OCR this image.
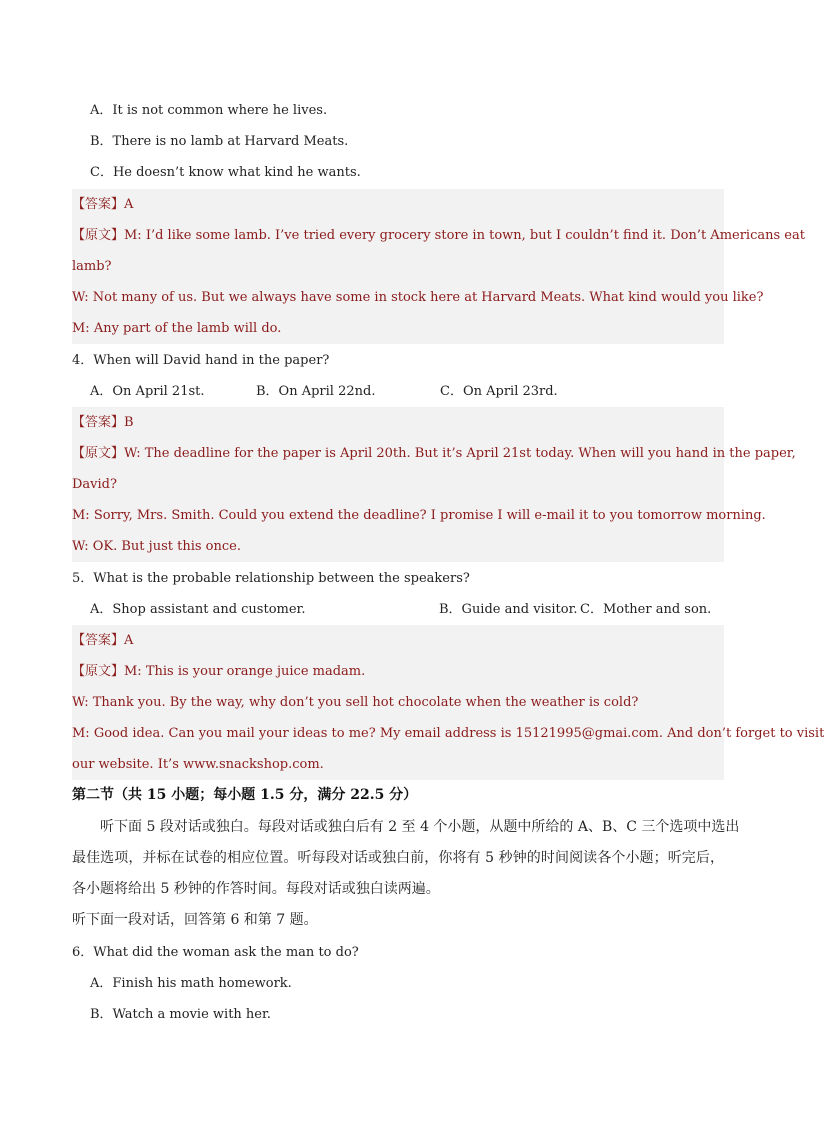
A．It is not common where he lives.
B．There is no lamb at Harvard Meats.
C．He doesn’t know what kind he wants.
【答案】A
【原文】M: I’d like some lamb. I’ve tried every grocery store in town, but I couldn’t find it. Don’t Americans eat
lamb?
W: Not many of us. But we always have some in stock here at Harvard Meats. What kind would you like?
M: Any part of the lamb will do.
4．When will David hand in the paper?
A．On April 21st.	B．On April 22nd.	C．On April 23rd.
【答案】B
【原文】W: The deadline for the paper is April 20th. But it’s April 21st today. When will you hand in the paper,
David?
M: Sorry, Mrs. Smith. Could you extend the deadline? I promise I will e-mail it to you tomorrow morning.
W: OK. But just this once.
5．What is the probable relationship between the speakers?
A．Shop assistant and customer.	B．Guide and visitor. C．Mother and son.
【答案】A
【原文】M: This is your orange juice madam.
W: Thank you. By the way, why don’t you sell hot chocolate when the weather is cold?
M: Good idea. Can you mail your ideas to me? My email address is 15121995@gmai.com. And don’t forget to visit
our website. It’s www.snackshop.com.
第二节（共 15 小题；每小题 1.5 分，满分 22.5 分）
听下面 5 段对话或独白。每段对话或独白后有 2 至 4 个小题，从题中所给的 A、B、C 三个选项中选出
最佳选项，并标在试卷的相应位置。听每段对话或独白前，你将有 5 秒钟的时间阅读各个小题；听完后，
各小题将给出 5 秒钟的作答时间。每段对话或独白读两遍。
听下面一段对话，回答第 6 和第 7 题。
6．What did the woman ask the man to do?
A．Finish his math homework.
B．Watch a movie with her.
